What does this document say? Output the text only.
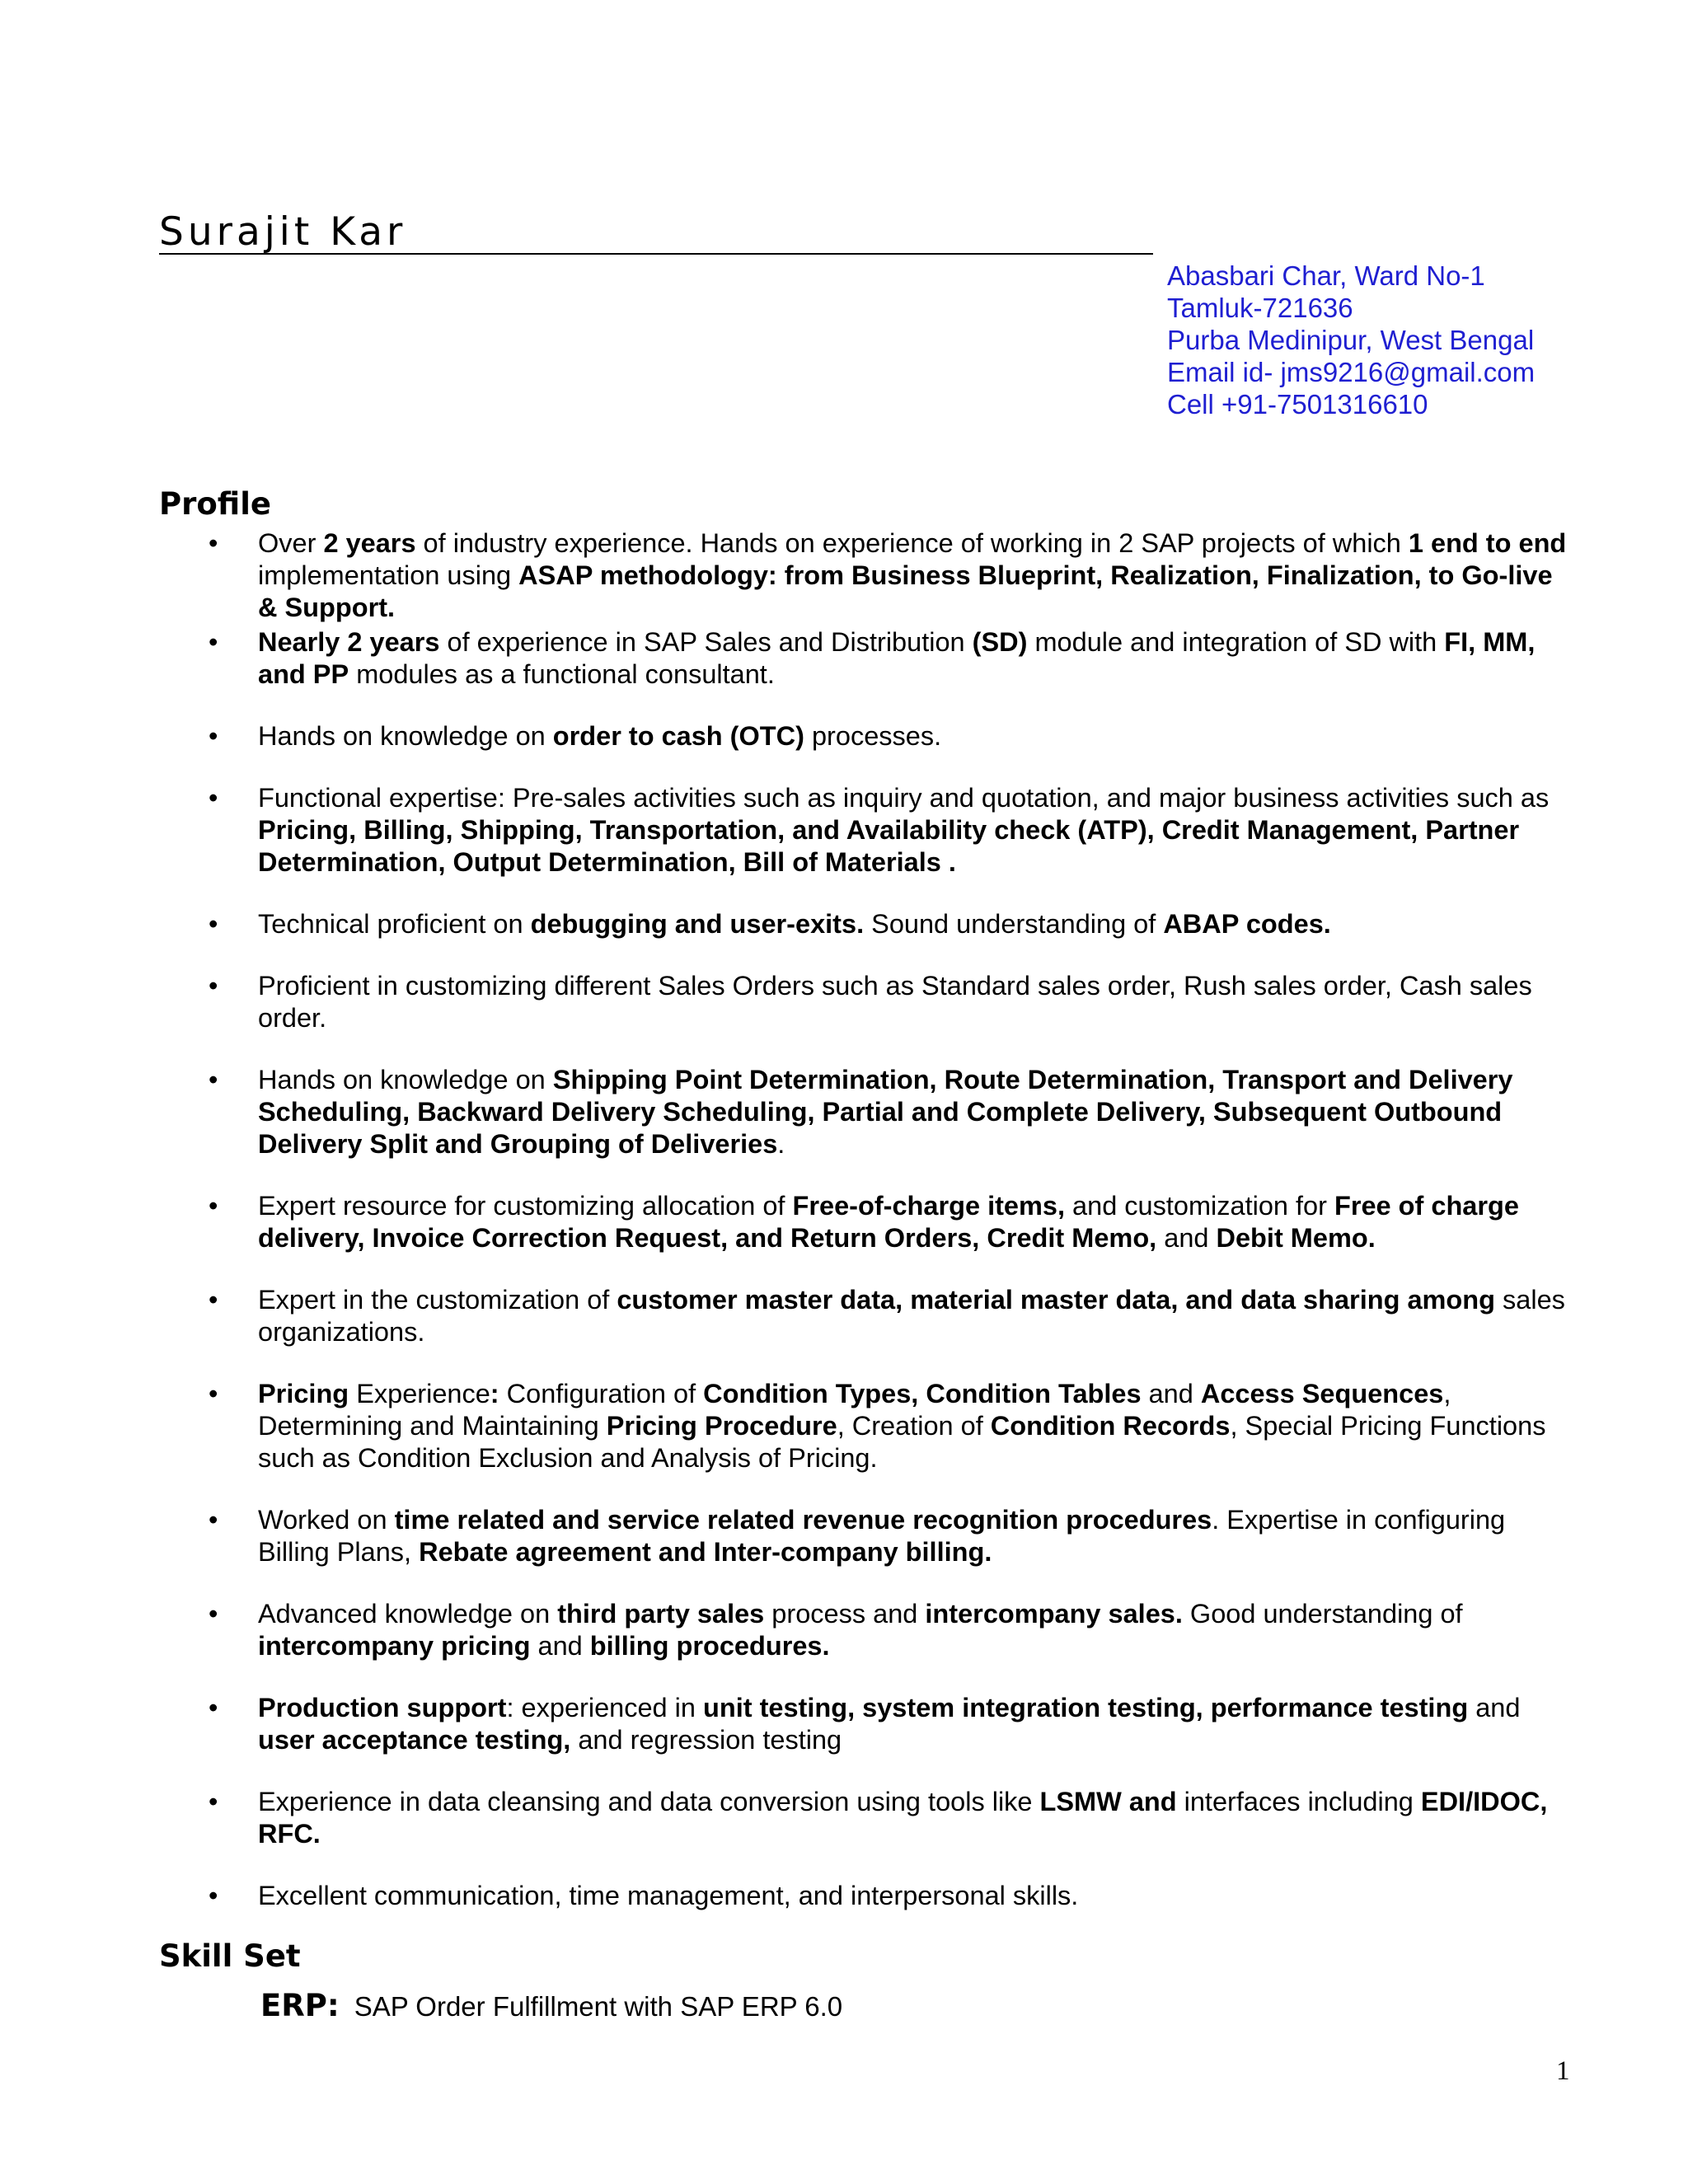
Surajit Kar
Abasbari Char, Ward No-1
Tamluk-721636
Purba Medinipur, West Bengal
Email id- jms9216@gmail.com
Cell +91-7501316610
Profile
• Over 2 years of industry experience. Hands on experience of working in 2 SAP projects of which 1 end to end implementation using ASAP methodology: from Business Blueprint, Realization, Finalization, to Go-live & Support.
• Nearly 2 years of experience in SAP Sales and Distribution (SD) module and integration of SD with FI, MM, and PP modules as a functional consultant.
• Hands on knowledge on order to cash (OTC) processes.
• Functional expertise: Pre-sales activities such as inquiry and quotation, and major business activities such as Pricing, Billing, Shipping, Transportation, and Availability check (ATP), Credit Management, Partner Determination, Output Determination, Bill of Materials .
• Technical proficient on debugging and user-exits. Sound understanding of ABAP codes.
• Proficient in customizing different Sales Orders such as Standard sales order, Rush sales order, Cash sales order.
• Hands on knowledge on Shipping Point Determination, Route Determination, Transport and Delivery Scheduling, Backward Delivery Scheduling, Partial and Complete Delivery, Subsequent Outbound Delivery Split and Grouping of Deliveries.
• Expert resource for customizing allocation of Free-of-charge items, and customization for Free of charge delivery, Invoice Correction Request, and Return Orders, Credit Memo, and Debit Memo.
• Expert in the customization of customer master data, material master data, and data sharing among sales organizations.
• Pricing Experience: Configuration of Condition Types, Condition Tables and Access Sequences, Determining and Maintaining Pricing Procedure, Creation of Condition Records, Special Pricing Functions such as Condition Exclusion and Analysis of Pricing.
• Worked on time related and service related revenue recognition procedures. Expertise in configuring Billing Plans, Rebate agreement and Inter-company billing.
• Advanced knowledge on third party sales process and intercompany sales. Good understanding of intercompany pricing and billing procedures.
• Production support: experienced in unit testing, system integration testing, performance testing and user acceptance testing, and regression testing
• Experience in data cleansing and data conversion using tools like LSMW and interfaces including EDI/IDOC, RFC.
• Excellent communication, time management, and interpersonal skills.
Skill Set
ERP: SAP Order Fulfillment with SAP ERP 6.0
1
